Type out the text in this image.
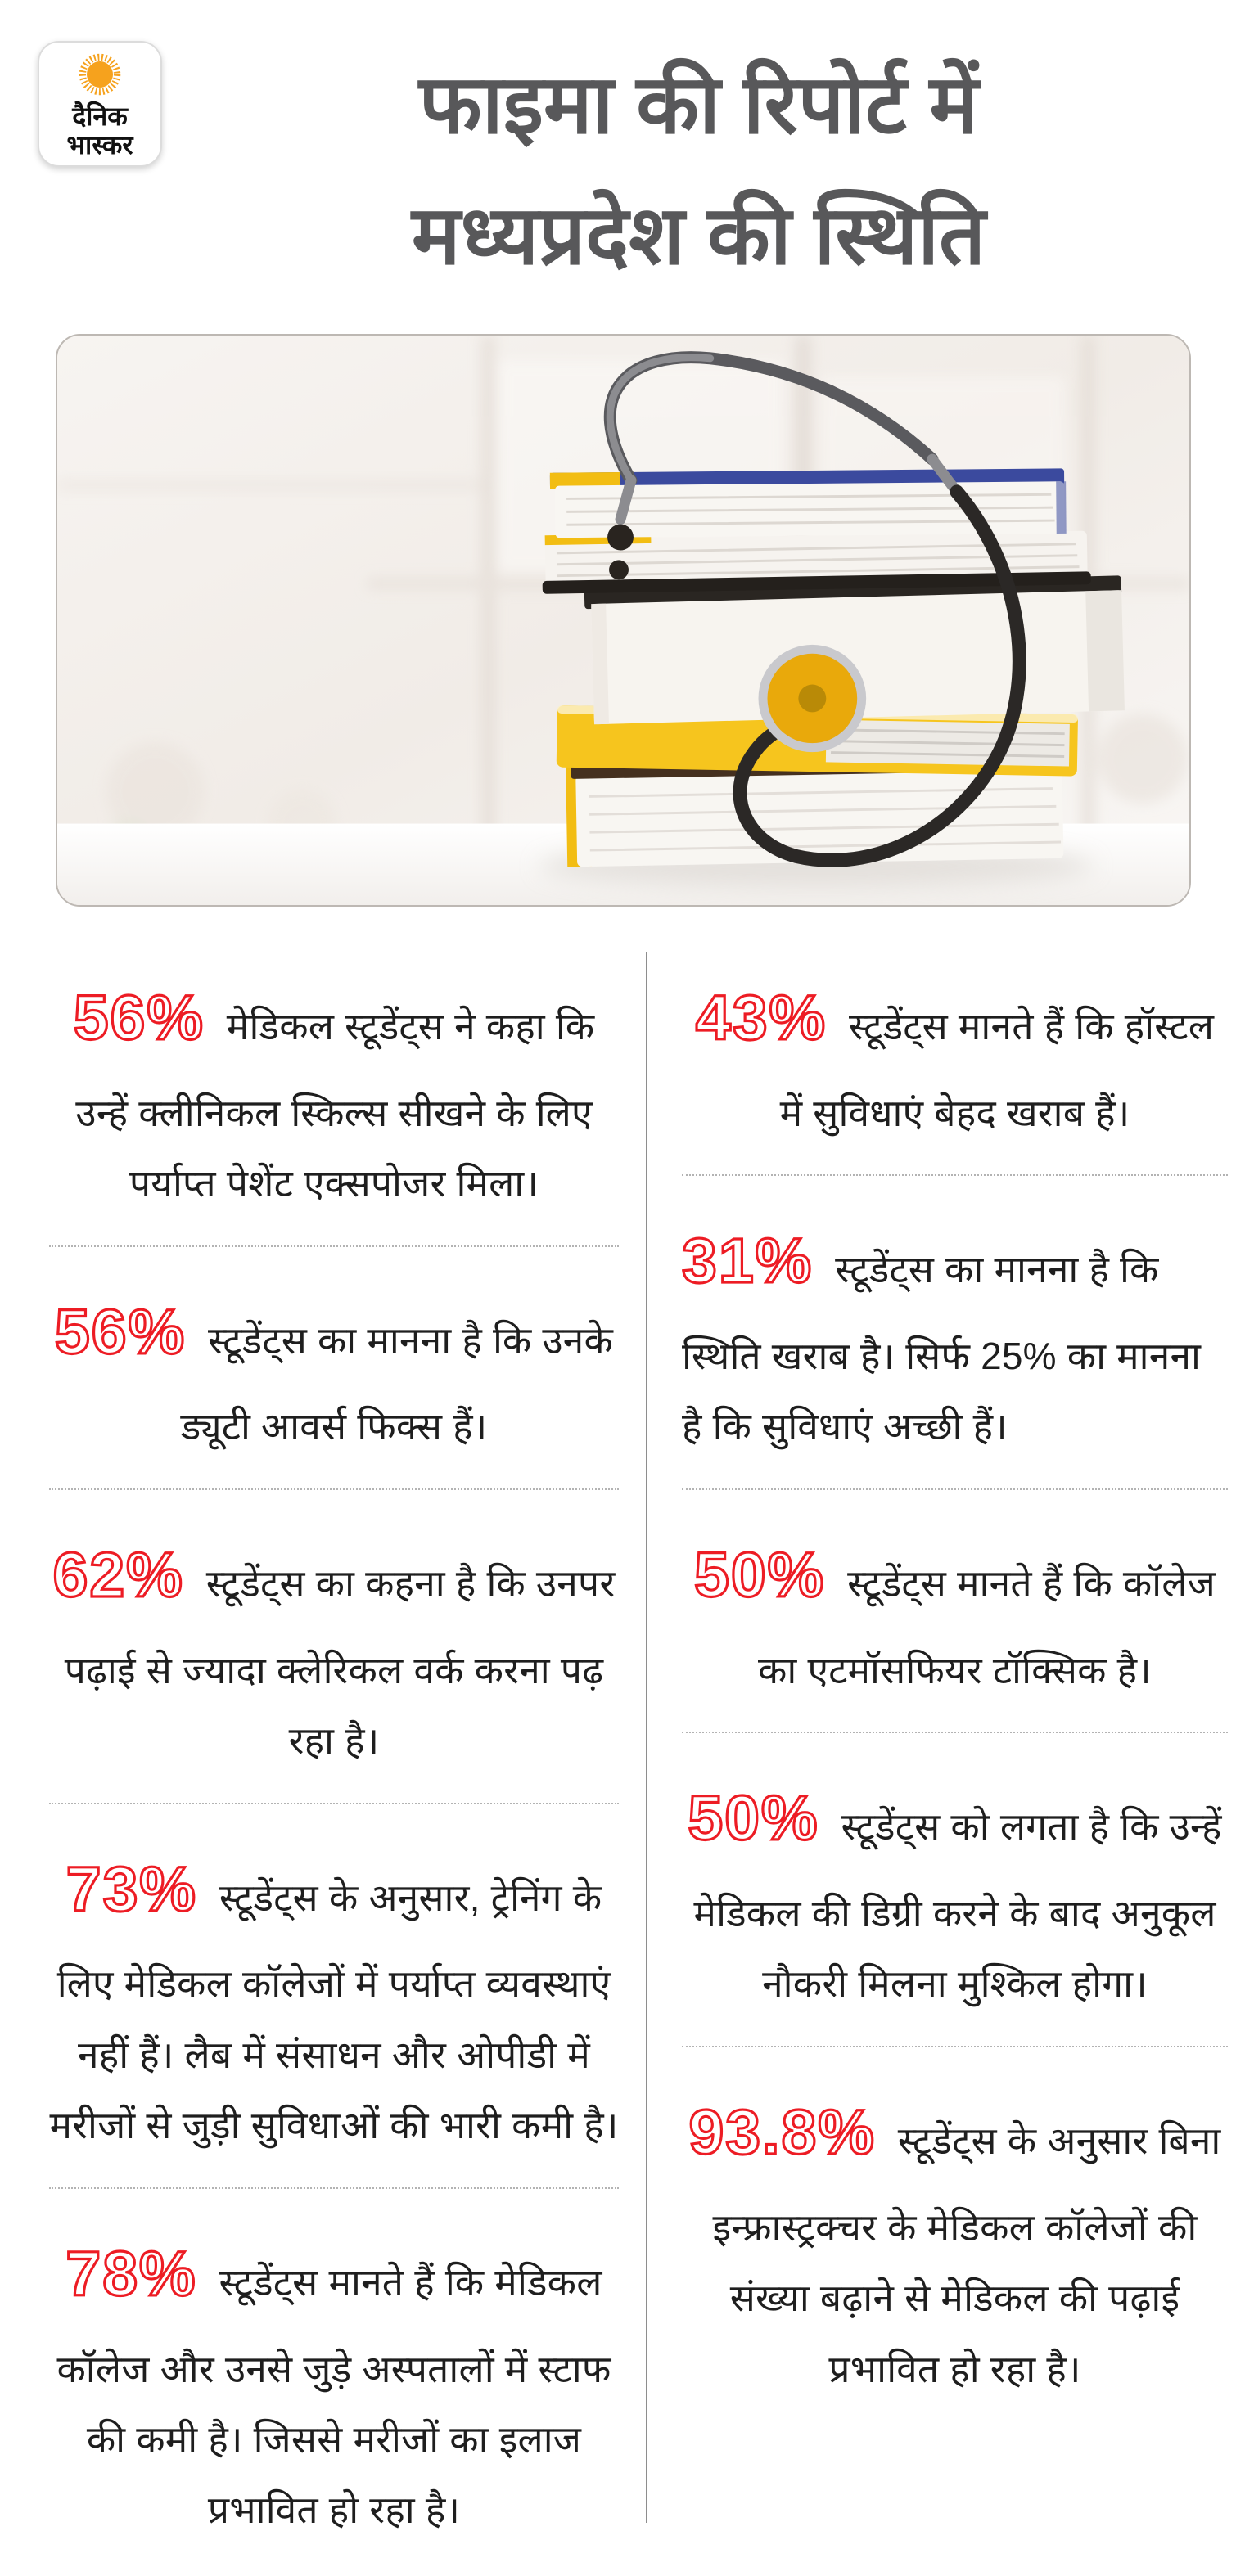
दैनिक
भास्कर	फाइमा की रिपोर्ट में
मध्यप्रदेश की स्थिति
56% मेडिकल स्टूडेंट्स ने कहा कि उन्हें क्लीनिकल स्किल्स सीखने के लिए पर्याप्त पेशेंट एक्सपोजर मिला।
56% स्टूडेंट्स का मानना है कि उनके ड्यूटी आवर्स फिक्स हैं।
62% स्टूडेंट्स का कहना है कि उनपर पढ़ाई से ज्यादा क्लेरिकल वर्क करना पढ़ रहा है।
73% स्टूडेंट्स के अनुसार, ट्रेनिंग के लिए मेडिकल कॉलेजों में पर्याप्त व्यवस्थाएं नहीं हैं। लैब में संसाधन और ओपीडी में मरीजों से जुड़ी सुविधाओं की भारी कमी है।
78% स्टूडेंट्स मानते हैं कि मेडिकल कॉलेज और उनसे जुड़े अस्पतालों में स्टाफ की कमी है। जिससे मरीजों का इलाज प्रभावित हो रहा है।
43% स्टूडेंट्स मानते हैं कि हॉस्टल में सुविधाएं बेहद खराब हैं।
31% स्टूडेंट्स का मानना है कि स्थिति खराब है। सिर्फ 25% का मानना है कि सुविधाएं अच्छी हैं।
50% स्टूडेंट्स मानते हैं कि कॉलेज का एटमॉसफियर टॉक्सिक है।
50% स्टूडेंट्स को लगता है कि उन्हें मेडिकल की डिग्री करने के बाद अनुकूल नौकरी मिलना मुश्किल होगा।
93.8% स्टूडेंट्स के अनुसार बिना इन्फ्रास्ट्रक्चर के मेडिकल कॉलेजों की संख्या बढ़ाने से मेडिकल की पढ़ाई प्रभावित हो रहा है।
